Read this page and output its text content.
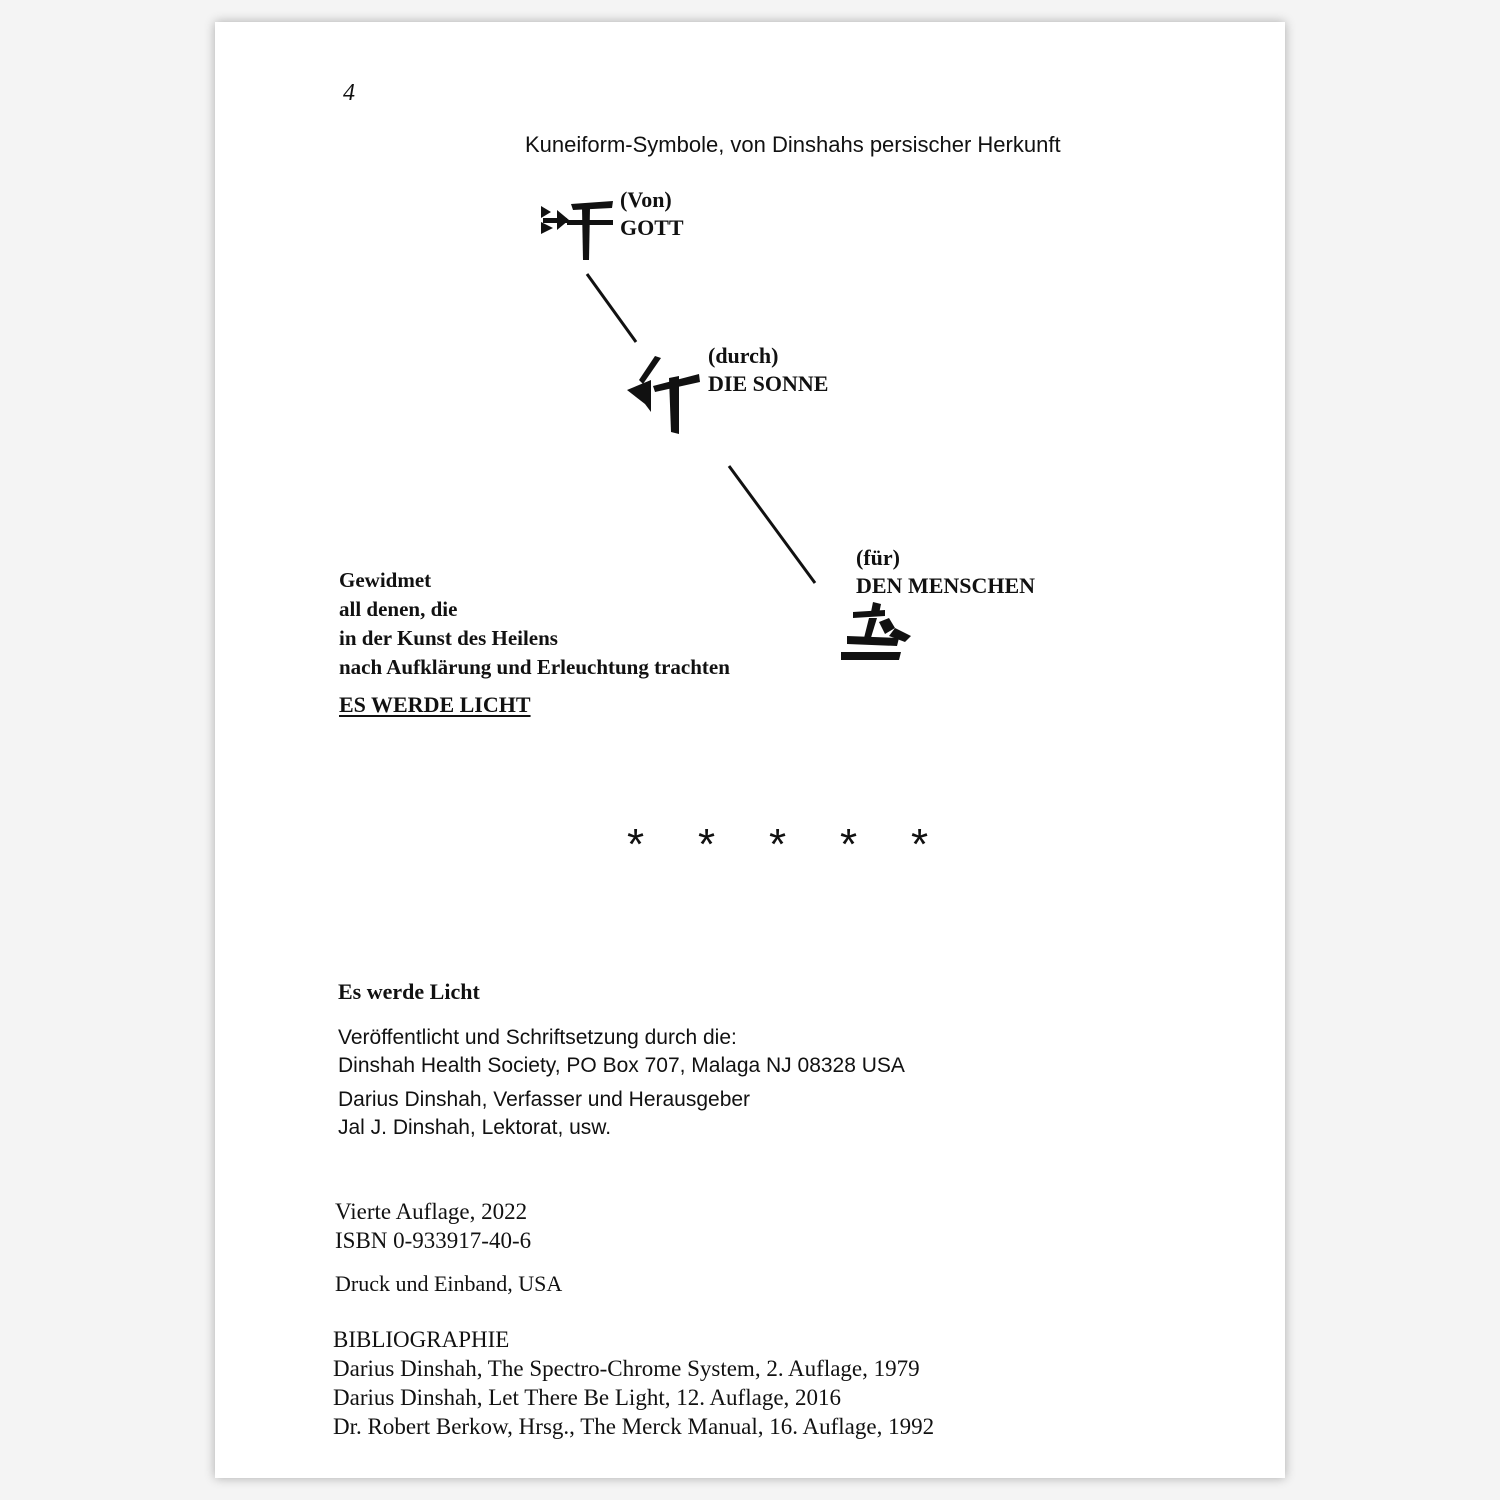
4
Kuneiform-Symbole, von Dinshahs persischer Herkunft
(Von)
GOTT
(durch)
DIE SONNE
(für)
DEN MENSCHEN
Gewidmet
all denen, die
in der Kunst des Heilens
nach Aufklärung und Erleuchtung trachten
ES WERDE LICHT
* * * * *
Es werde Licht
Veröffentlicht und Schriftsetzung durch die:
Dinshah Health Society, PO Box 707, Malaga NJ 08328 USA
Darius Dinshah, Verfasser und Herausgeber
Jal J. Dinshah, Lektorat, usw.
Vierte Auflage, 2022
ISBN 0-933917-40-6
Druck und Einband, USA
BIBLIOGRAPHIE
Darius Dinshah, The Spectro-Chrome System, 2. Auflage, 1979
Darius Dinshah, Let There Be Light, 12. Auflage, 2016
Dr. Robert Berkow, Hrsg., The Merck Manual, 16. Auflage, 1992
